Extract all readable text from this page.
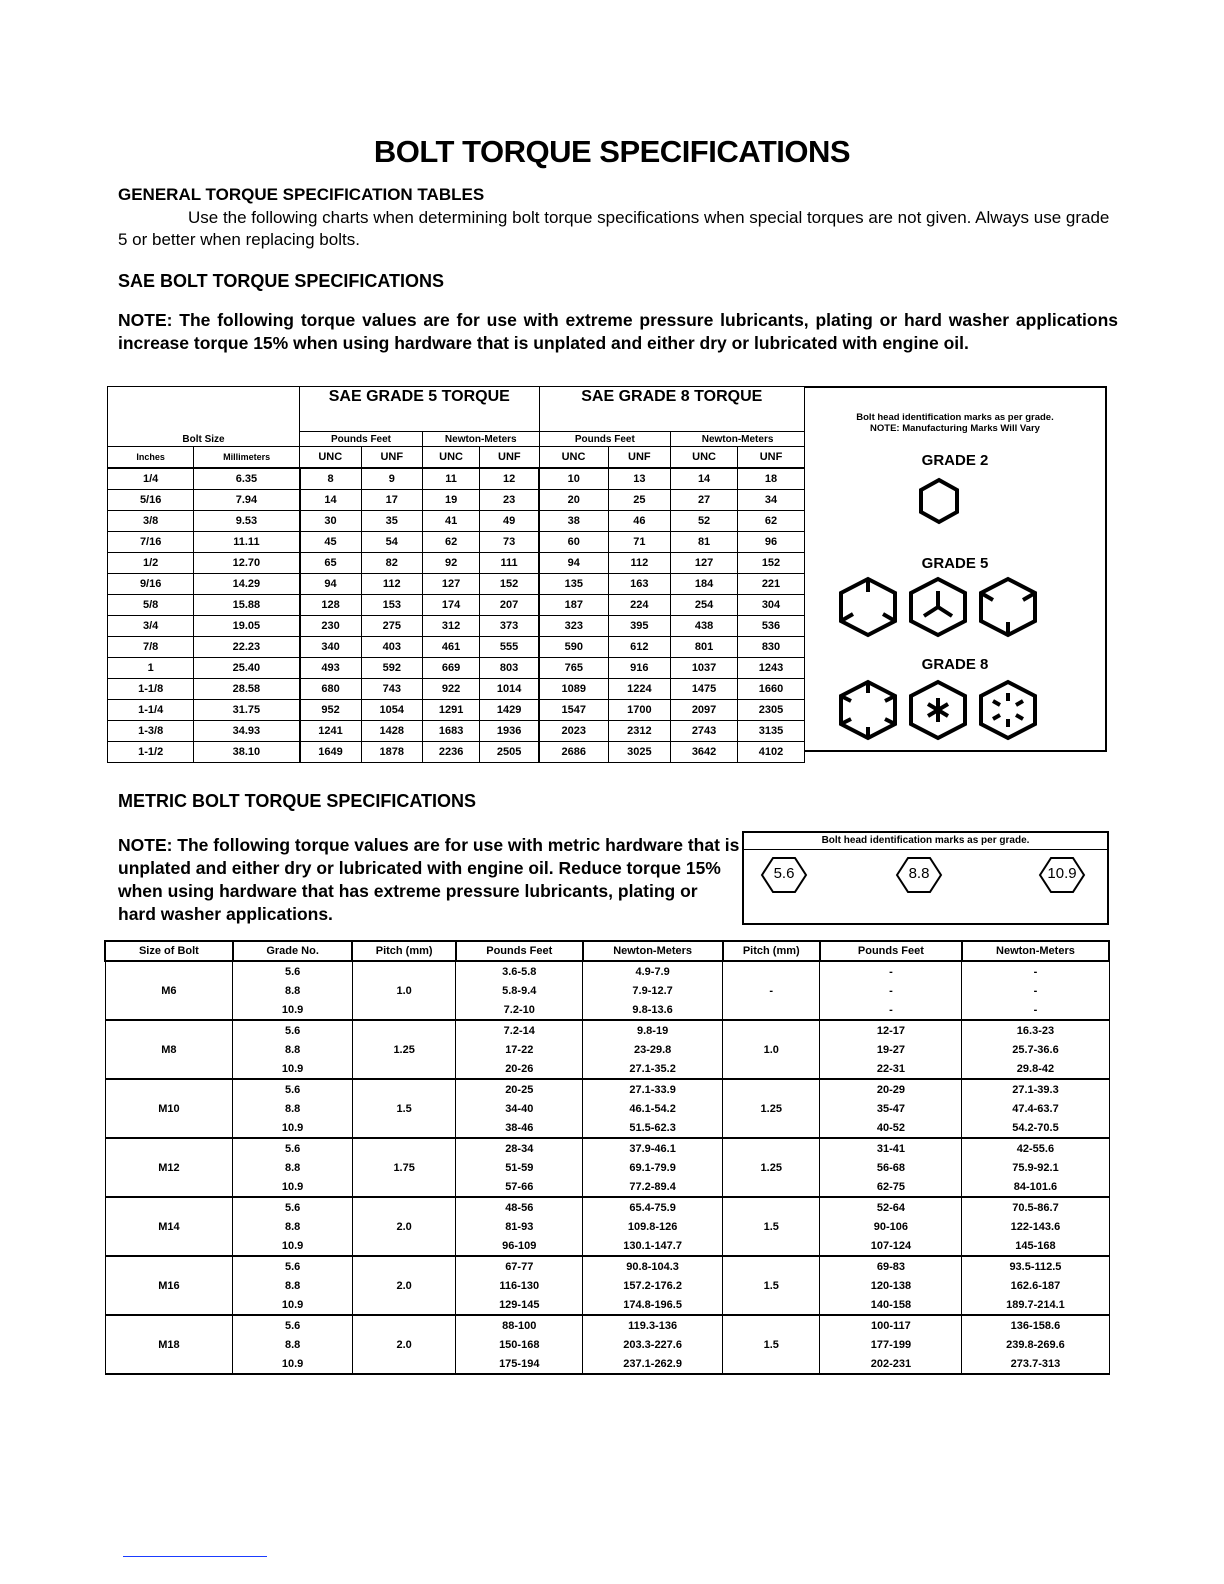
BOLT TORQUE SPECIFICATIONS
GENERAL TORQUE SPECIFICATION TABLES
Use the following charts when determining bolt torque specifications when special torques are not given. Always use grade 5 or better when replacing bolts.
SAE BOLT TORQUE SPECIFICATIONS
NOTE: The following torque values are for use with extreme pressure lubricants, plating or hard washer applications increase torque 15% when using hardware that is unplated and either dry or lubricated with engine oil.
Bolt Size		SAE GRADE 5 TORQUE				SAE GRADE 8 TORQUE			
		Pounds Feet		Newton-Meters		Pounds Feet		Newton-Meters	
Inches	Millimeters	UNC	UNF	UNC	UNF	UNC	UNF	UNC	UNF
1/4	6.35	8	9	11	12	10	13	14	18
5/16	7.94	14	17	19	23	20	25	27	34
3/8	9.53	30	35	41	49	38	46	52	62
7/16	11.11	45	54	62	73	60	71	81	96
1/2	12.70	65	82	92	111	94	112	127	152
9/16	14.29	94	112	127	152	135	163	184	221
5/8	15.88	128	153	174	207	187	224	254	304
3/4	19.05	230	275	312	373	323	395	438	536
7/8	22.23	340	403	461	555	590	612	801	830
1	25.40	493	592	669	803	765	916	1037	1243
1-1/8	28.58	680	743	922	1014	1089	1224	1475	1660
1-1/4	31.75	952	1054	1291	1429	1547	1700	2097	2305
1-3/8	34.93	1241	1428	1683	1936	2023	2312	2743	3135
1-1/2	38.10	1649	1878	2236	2505	2686	3025	3642	4102
Bolt head identification marks as per grade.
NOTE: Manufacturing Marks Will Vary
GRADE 2
GRADE 5
GRADE 8
METRIC BOLT TORQUE SPECIFICATIONS
NOTE: The following torque values are for use with metric hardware that is unplated and either dry or lubricated with engine oil. Reduce torque 15% when using hardware that has extreme pressure lubricants, plating or hard washer applications.
Bolt head identification marks as per grade.
5.6	8.8	10.9
Size of Bolt	Grade No.	Pitch (mm)	Pounds Feet	Newton-Meters	Pitch (mm)	Pounds Feet	Newton-Meters
M6	5.6	1.0	3.6-5.8	4.9-7.9	-	-	-
	8.8		5.8-9.4	7.9-12.7		-	-
	10.9		7.2-10	9.8-13.6		-	-
M8	5.6	1.25	7.2-14	9.8-19	1.0	12-17	16.3-23
	8.8		17-22	23-29.8		19-27	25.7-36.6
	10.9		20-26	27.1-35.2		22-31	29.8-42
M10	5.6	1.5	20-25	27.1-33.9	1.25	20-29	27.1-39.3
	8.8		34-40	46.1-54.2		35-47	47.4-63.7
	10.9		38-46	51.5-62.3		40-52	54.2-70.5
M12	5.6	1.75	28-34	37.9-46.1	1.25	31-41	42-55.6
	8.8		51-59	69.1-79.9		56-68	75.9-92.1
	10.9		57-66	77.2-89.4		62-75	84-101.6
M14	5.6	2.0	48-56	65.4-75.9	1.5	52-64	70.5-86.7
	8.8		81-93	109.8-126		90-106	122-143.6
	10.9		96-109	130.1-147.7		107-124	145-168
M16	5.6	2.0	67-77	90.8-104.3	1.5	69-83	93.5-112.5
	8.8		116-130	157.2-176.2		120-138	162.6-187
	10.9		129-145	174.8-196.5		140-158	189.7-214.1
M18	5.6	2.0	88-100	119.3-136	1.5	100-117	136-158.6
	8.8		150-168	203.3-227.6		177-199	239.8-269.6
	10.9		175-194	237.1-262.9		202-231	273.7-313
